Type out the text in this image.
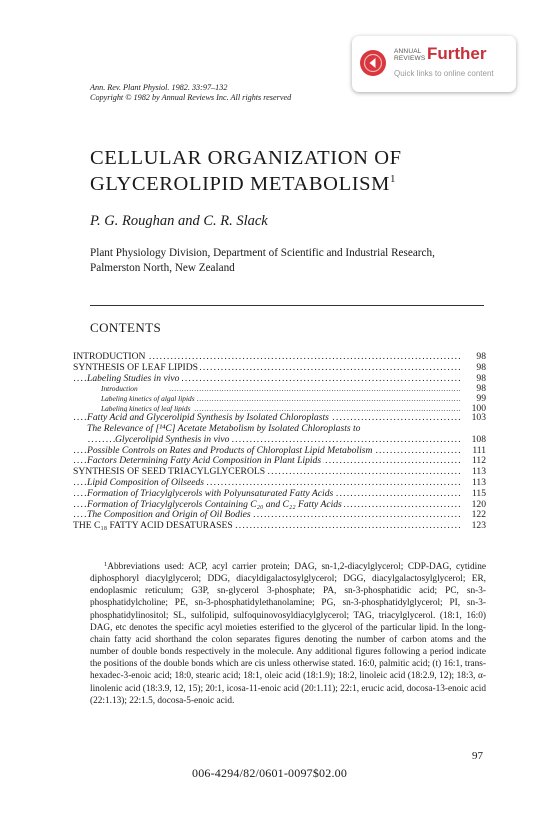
Ann. Rev. Plant Physiol. 1982. 33:97–132
Copyright © 1982 by Annual Reviews Inc. All rights reserved
ANNUAL
REVIEWS Further
Quick links to online content
CELLULAR ORGANIZATION OF
GLYCEROLIPID METABOLISM$^1$
P. G. Roughan and C. R. Slack
Plant Physiology Division, Department of Scientific and Industrial Research,
Palmerston North, New Zealand
CONTENTS
. . .
INTRODUCTION	98
. . .
SYNTHESIS OF LEAF LIPIDS	98
. . .
Labeling Studies in vivo	98
. . .
Introduction	98
. . .
Labeling kinetics of algal lipids	99
. . .
Labeling kinetics of leaf lipids	100
. . .
Fatty Acid and Glycerolipid Synthesis by Isolated Chloroplasts	103
The Relevance of [¹⁴C] Acetate Metabolism by Isolated Chloroplasts to
. . .
Glycerolipid Synthesis in vivo	108
. . .
Possible Controls on Rates and Products of Chloroplast Lipid Metabolism	111
. . .
Factors Determining Fatty Acid Composition in Plant Lipids	112
. . .
SYNTHESIS OF SEED TRIACYLGLYCEROLS	113
. . .
Lipid Composition of Oilseeds	113
. . .
Formation of Triacylglycerols with Polyunsaturated Fatty Acids	115
. . .
Formation of Triacylglycerols Containing C₂₀ and C₂₂ Fatty Acids	120
. . .
The Composition and Origin of Oil Bodies	122
. . .
THE C₁₈ FATTY ACID DESATURASES	123
$^1$Abbreviations used: ACP, acyl carrier protein; DAG, sn-1,2-diacylglycerol; CDP-DAG, cytidine diphosphoryl diacylglycerol; DDG, diacyldigalactosylglycerol; DGG, diacylgalactosylglycerol; ER, endoplasmic reticulum; G3P, sn-glycerol 3-phosphate; PA, sn-3-phosphatidic acid; PC, sn-3-phosphatidylcholine; PE, sn-3-phosphatidylethanolamine; PG, sn-3-phosphatidylglycerol; PI, sn-3-phosphatidylinositol; SL, sulfolipid, sulfoquinovosyldiacylglycerol; TAG, triacylglycerol. (18:1, 16:0) DAG, etc denotes the specific acyl moieties esterified to the glycerol of the particular lipid. In the long-chain fatty acid shorthand the colon separates figures denoting the number of carbon atoms and the number of double bonds respectively in the molecule. Any additional figures following a period indicate the positions of the double bonds which are cis unless otherwise stated. 16:0, palmitic acid; (t) 16:1, trans-hexadec-3-enoic acid; 18:0, stearic acid; 18:1, oleic acid (18:1.9); 18:2, linoleic acid (18:2.9, 12); 18:3, α-linolenic acid (18:3.9, 12, 15); 20:1, icosa-11-enoic acid (20:1.11); 22:1, erucic acid, docosa-13-enoic acid (22:1.13); 22:1.5, docosa-5-enoic acid.
97
006-4294/82/0601-0097$02.00
